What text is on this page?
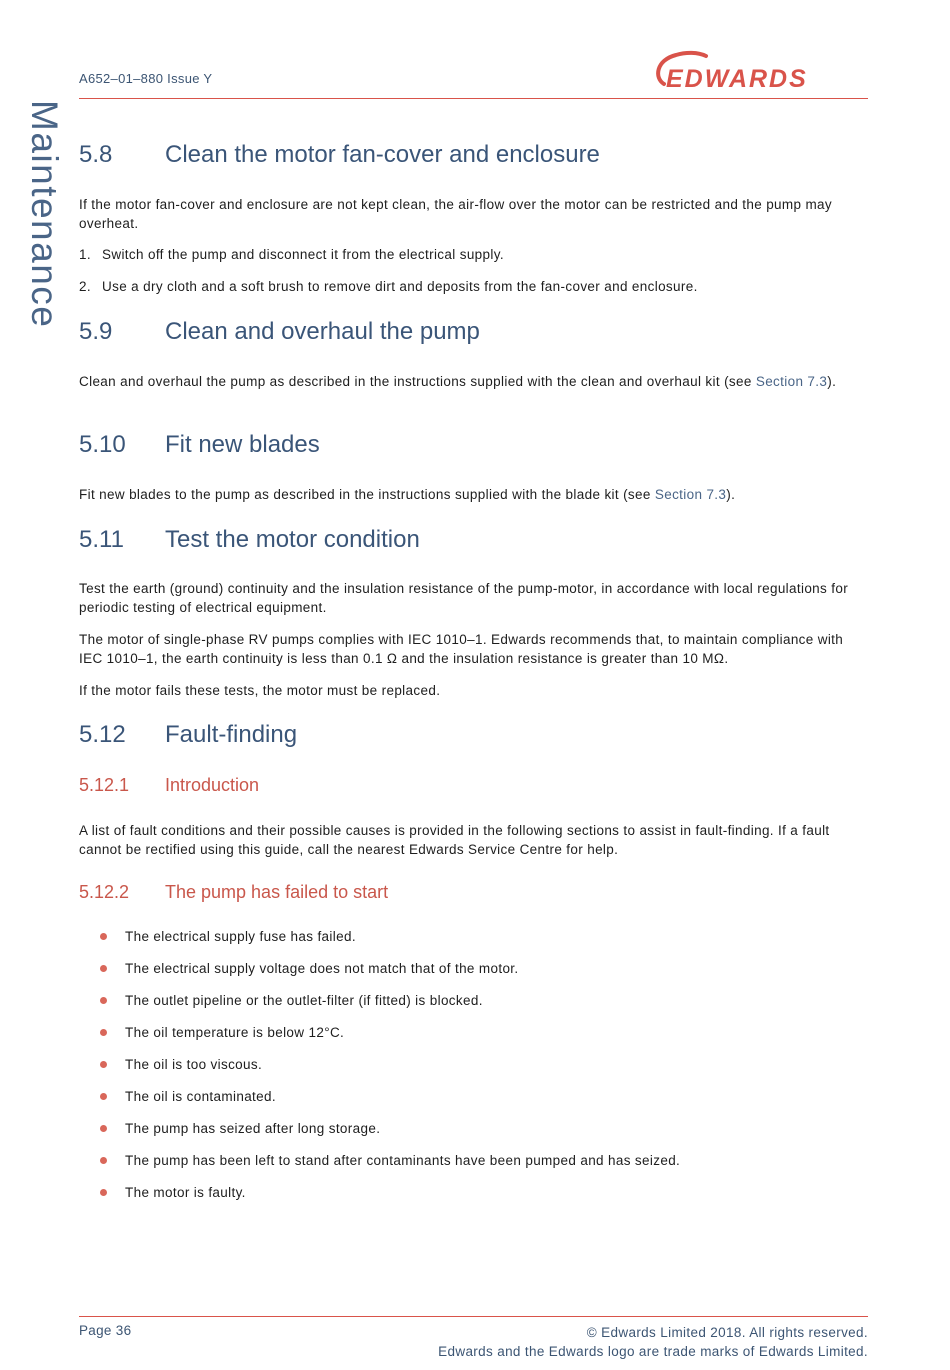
A652–01–880 Issue Y	EDWARDS
Maintenance 5.8 Clean the motor fan-cover and enclosure

If the motor fan-cover and enclosure are not kept clean, the air-flow over the motor can be restricted and the pump may overheat.

1. Switch off the pump and disconnect it from the electrical supply.

2. Use a dry cloth and a soft brush to remove dirt and deposits from the fan-cover and enclosure.

5.9 Clean and overhaul the pump

Clean and overhaul the pump as described in the instructions supplied with the clean and overhaul kit (see Section 7.3).

5.10 Fit new blades

Fit new blades to the pump as described in the instructions supplied with the blade kit (see Section 7.3).

5.11 Test the motor condition

Test the earth (ground) continuity and the insulation resistance of the pump-motor, in accordance with local regulations for periodic testing of electrical equipment.

The motor of single-phase RV pumps complies with IEC 1010–1. Edwards recommends that, to maintain compliance with IEC 1010–1, the earth continuity is less than 0.1 Ω and the insulation resistance is greater than 10 MΩ.

If the motor fails these tests, the motor must be replaced.

5.12 Fault-finding
5.12.1 Introduction

A list of fault conditions and their possible causes is provided in the following sections to assist in fault-finding. If a fault cannot be rectified using this guide, call the nearest Edwards Service Centre for help.

5.12.2 The pump has failed to start
The electrical supply fuse has failed.
The electrical supply voltage does not match that of the motor.
The outlet pipeline or the outlet-filter (if fitted) is blocked.
The oil temperature is below 12°C.
The oil is too viscous.
The oil is contaminated.
The pump has seized after long storage.
The pump has been left to stand after contaminants have been pumped and has seized.
The motor is faulty.
Page 36	© Edwards Limited 2018. All rights reserved.
Edwards and the Edwards logo are trade marks of Edwards Limited.
